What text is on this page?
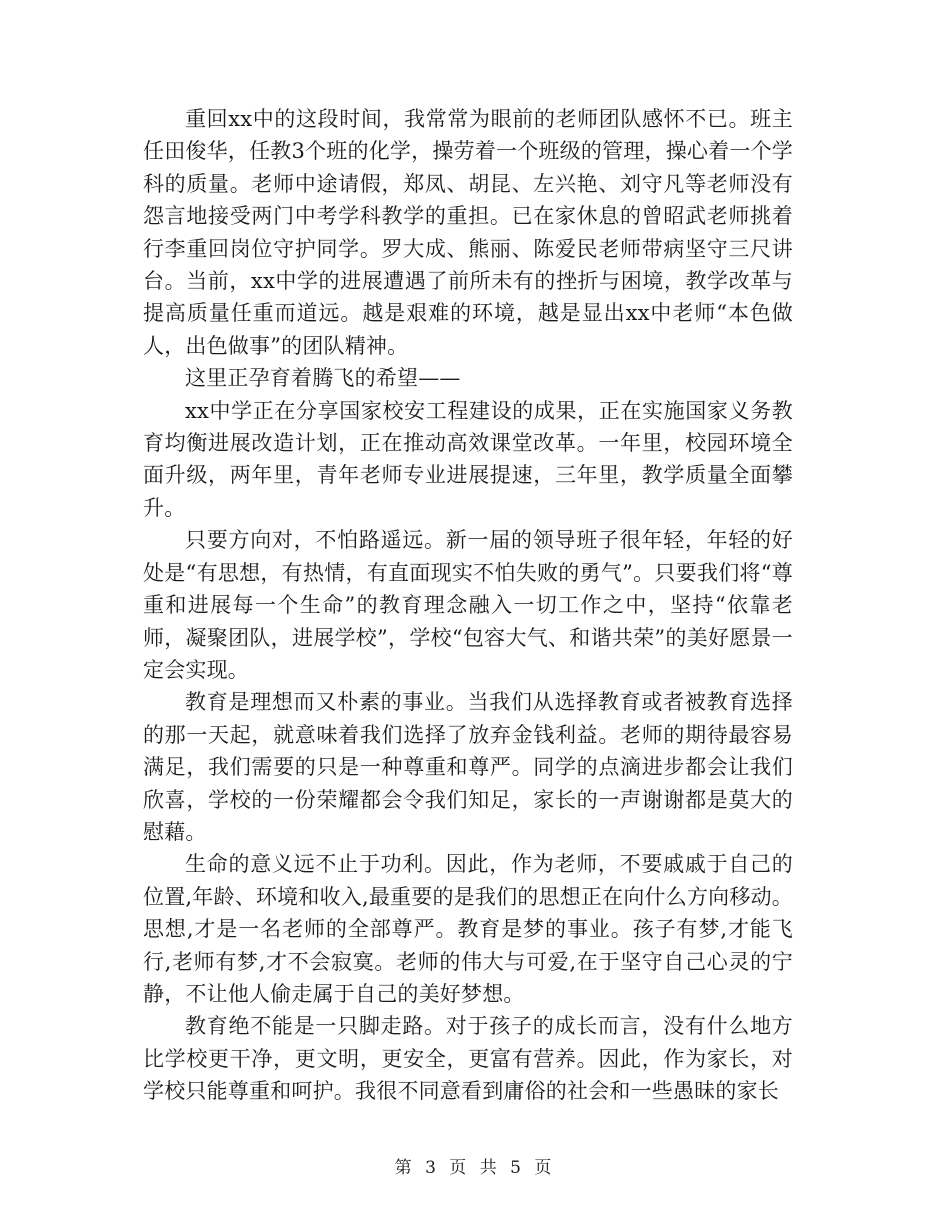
重回xx中的这段时间，我常常为眼前的老师团队感怀不已。班主任田俊华，任教3个班的化学，操劳着一个班级的管理，操心着一个学科的质量。老师中途请假，郑凤、胡昆、左兴艳、刘守凡等老师没有怨言地接受两门中考学科教学的重担。已在家休息的曾昭武老师挑着行李重回岗位守护同学。罗大成、熊丽、陈爱民老师带病坚守三尺讲台。当前，xx中学的进展遭遇了前所未有的挫折与困境，教学改革与提高质量任重而道远。越是艰难的环境，越是显出xx中老师“本色做人，出色做事”的团队精神。

这里正孕育着腾飞的希望——

xx中学正在分享国家校安工程建设的成果，正在实施国家义务教育均衡进展改造计划，正在推动高效课堂改革。一年里，校园环境全面升级，两年里，青年老师专业进展提速，三年里，教学质量全面攀升。

只要方向对，不怕路遥远。新一届的领导班子很年轻，年轻的好处是“有思想，有热情，有直面现实不怕失败的勇气”。只要我们将“尊重和进展每一个生命”的教育理念融入一切工作之中，坚持“依靠老师，凝聚团队，进展学校”，学校“包容大气、和谐共荣”的美好愿景一定会实现。

教育是理想而又朴素的事业。当我们从选择教育或者被教育选择的那一天起，就意味着我们选择了放弃金钱利益。老师的期待最容易满足，我们需要的只是一种尊重和尊严。同学的点滴进步都会让我们欣喜，学校的一份荣耀都会令我们知足，家长的一声谢谢都是莫大的慰藉。

生命的意义远不止于功利。因此，作为老师，不要戚戚于自己的位置,年龄、环境和收入,最重要的是我们的思想正在向什么方向移动。思想,才是一名老师的全部尊严。教育是梦的事业。孩子有梦,才能飞行,老师有梦,才不会寂寞。老师的伟大与可爱,在于坚守自己心灵的宁静，不让他人偷走属于自己的美好梦想。

教育绝不能是一只脚走路。对于孩子的成长而言，没有什么地方比学校更干净，更文明，更安全，更富有营养。因此，作为家长，对学校只能尊重和呵护。我很不同意看到庸俗的社会和一些愚昧的家长

第 3 页 共 5 页
